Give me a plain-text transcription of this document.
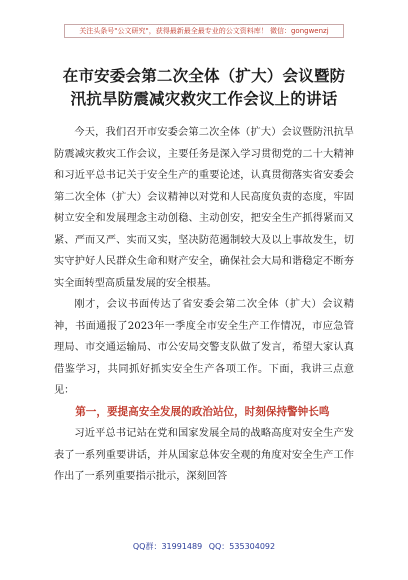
关注头条号"公文研究"，获得最新最全最专业的公文资料库！ 微信：gongwenzj
在市安委会第二次全体（扩大）会议暨防
汛抗旱防震减灾救灾工作会议上的讲话

今天，我们召开市安委会第二次全体（扩大）会议暨防汛抗旱防震减灾救灾工作会议，主要任务是深入学习贯彻党的二十大精神和习近平总书记关于安全生产的重要论述，认真贯彻落实省安委会第二次全体（扩大）会议精神以对党和人民高度负责的态度，牢固树立安全和发展理念主动创稳、主动创安，把安全生产抓得紧而又紧、严而又严、实而又实，坚决防范遏制较大及以上事故发生，切实守护好人民群众生命和财产安全，确保社会大局和谐稳定不断夯实全面转型高质量发展的安全根基。

刚才，会议书面传达了省安委会第二次全体（扩大）会议精神，书面通报了2023年一季度全市安全生产工作情况，市应急管理局、市交通运输局、市公安局交警支队做了发言，希望大家认真借鉴学习，共同抓好抓实安全生产各项工作。下面，我讲三点意见：

第一，要提高安全发展的政治站位，时刻保持警钟长鸣

习近平总书记站在党和国家发展全局的战略高度对安全生产发表了一系列重要讲话，并从国家总体安全观的角度对安全生产工作作出了一系列重要指示批示，深刻回答

QQ群：31991489 QQ：535304092
